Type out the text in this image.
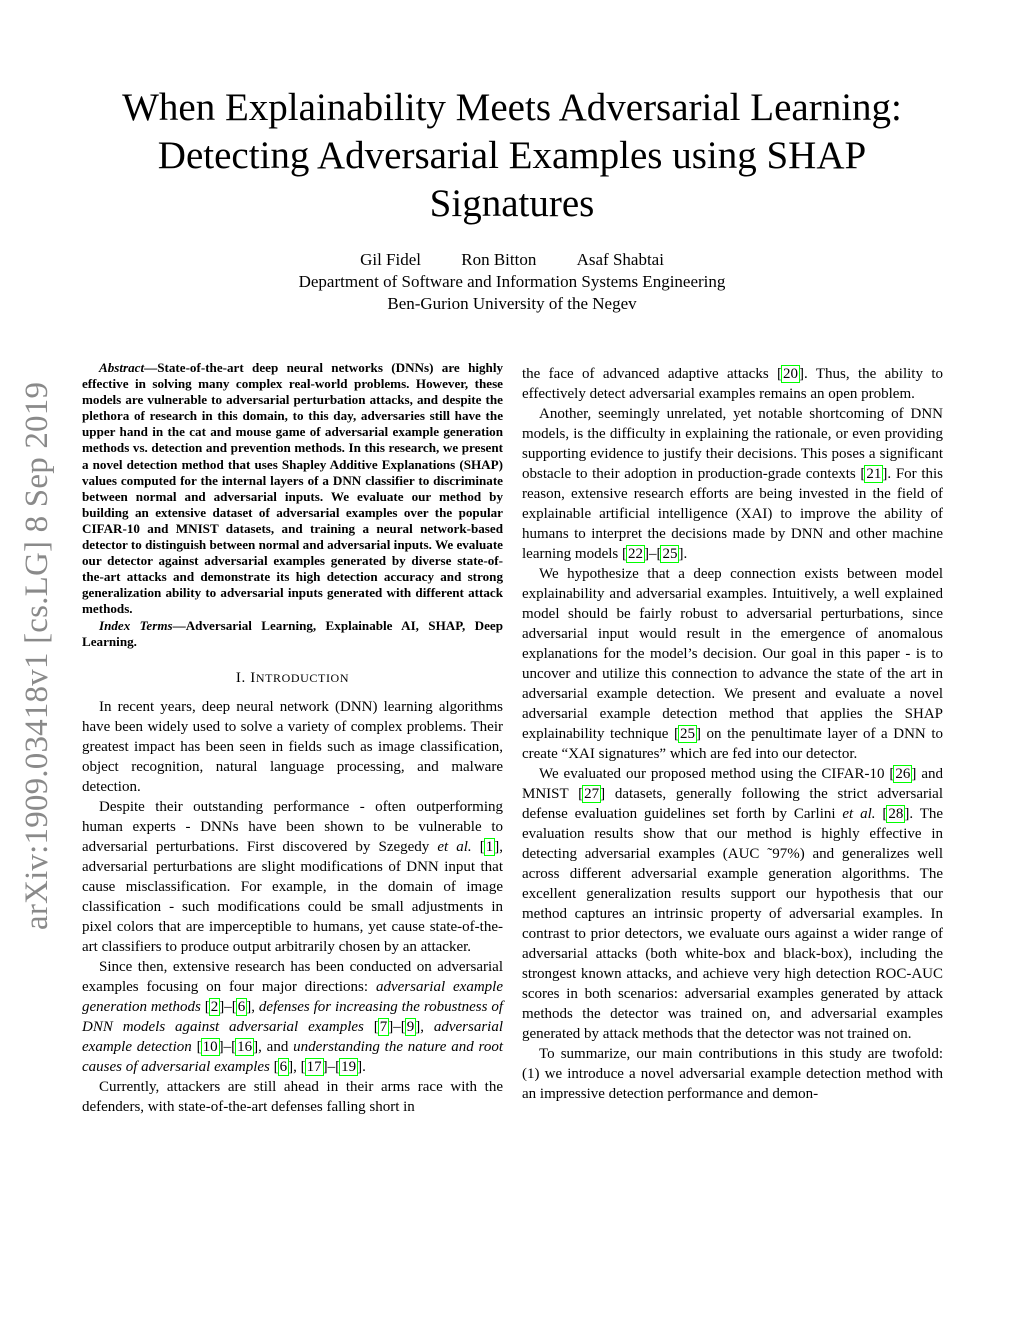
When Explainability Meets Adversarial Learning:
Detecting Adversarial Examples using SHAP
Signatures
Gil Fidel Ron Bitton Asaf Shabtai
Department of Software and Information Systems Engineering
Ben-Gurion University of the Negev
arXiv:1909.03418v1 [cs.LG] 8 Sep 2019

Abstract—State-of-the-art deep neural networks (DNNs) are highly effective in solving many complex real-world problems. However, these models are vulnerable to adversarial perturbation attacks, and despite the plethora of research in this domain, to this day, adversaries still have the upper hand in the cat and mouse game of adversarial example generation methods vs. detection and prevention methods. In this research, we present a novel detection method that uses Shapley Additive Explanations (SHAP) values computed for the internal layers of a DNN classifier to discriminate between normal and adversarial inputs. We evaluate our method by building an extensive dataset of adversarial examples over the popular CIFAR-10 and MNIST datasets, and training a neural network-based detector to distinguish between normal and adversarial inputs. We evaluate our detector against adversarial examples generated by diverse state-of-the-art attacks and demonstrate its high detection accuracy and strong generalization ability to adversarial inputs generated with different attack methods.

Index Terms—Adversarial Learning, Explainable AI, SHAP, Deep Learning.

I. INTRODUCTION

In recent years, deep neural network (DNN) learning algorithms have been widely used to solve a variety of complex problems. Their greatest impact has been seen in fields such as image classification, object recognition, natural language processing, and malware detection.

Despite their outstanding performance - often outperforming human experts - DNNs have been shown to be vulnerable to adversarial perturbations. First discovered by Szegedy et al. [1], adversarial perturbations are slight modifications of DNN input that cause misclassification. For example, in the domain of image classification - such modifications could be small adjustments in pixel colors that are imperceptible to humans, yet cause state-of-the-art classifiers to produce output arbitrarily chosen by an attacker.

Since then, extensive research has been conducted on adversarial examples focusing on four major directions: adversarial example generation methods [2]–[6], defenses for increasing the robustness of DNN models against adversarial examples [7]–[9], adversarial example detection [10]–[16], and understanding the nature and root causes of adversarial examples [6], [17]–[19].

Currently, attackers are still ahead in their arms race with the defenders, with state-of-the-art defenses falling short in

the face of advanced adaptive attacks [20]. Thus, the ability to effectively detect adversarial examples remains an open problem.

Another, seemingly unrelated, yet notable shortcoming of DNN models, is the difficulty in explaining the rationale, or even providing supporting evidence to justify their decisions. This poses a significant obstacle to their adoption in production-grade contexts [21]. For this reason, extensive research efforts are being invested in the field of explainable artificial intelligence (XAI) to improve the ability of humans to interpret the decisions made by DNN and other machine learning models [22]–[25].

We hypothesize that a deep connection exists between model explainability and adversarial examples. Intuitively, a well explained model should be fairly robust to adversarial perturbations, since adversarial input would result in the emergence of anomalous explanations for the model’s decision. Our goal in this paper - is to uncover and utilize this connection to advance the state of the art in adversarial example detection. We present and evaluate a novel adversarial example detection method that applies the SHAP explainability technique [25] on the penultimate layer of a DNN to create “XAI signatures” which are fed into our detector.

We evaluated our proposed method using the CIFAR-10 [26] and MNIST [27] datasets, generally following the strict adversarial defense evaluation guidelines set forth by Carlini et al. [28]. The evaluation results show that our method is highly effective in detecting adversarial examples (AUC ˜97%) and generalizes well across different adversarial example generation algorithms. The excellent generalization results support our hypothesis that our method captures an intrinsic property of adversarial examples. In contrast to prior detectors, we evaluate ours against a wider range of adversarial attacks (both white-box and black-box), including the strongest known attacks, and achieve very high detection ROC-AUC scores in both scenarios: adversarial examples generated by attack methods the detector was trained on, and adversarial examples generated by attack methods that the detector was not trained on.

To summarize, our main contributions in this study are twofold: (1) we introduce a novel adversarial example detection method with an impressive detection performance and demon-
